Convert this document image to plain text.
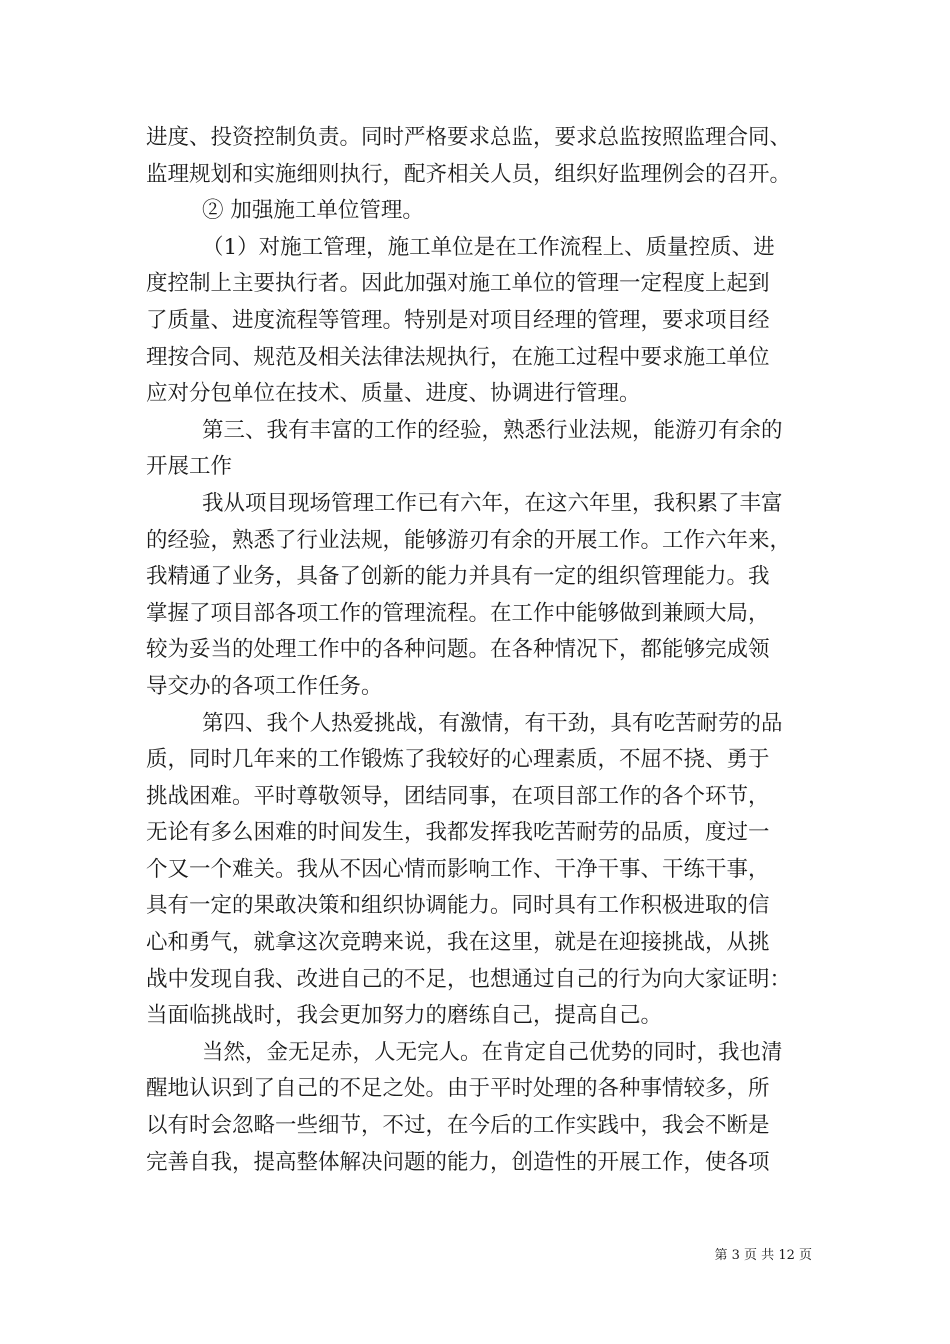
进度、投资控制负责。同时严格要求总监，要求总监按照监理合同、
监理规划和实施细则执行，配齐相关人员，组织好监理例会的召开。
② 加强施工单位管理。
（1）对施工管理，施工单位是在工作流程上、质量控质、进
度控制上主要执行者。因此加强对施工单位的管理一定程度上起到
了质量、进度流程等管理。特别是对项目经理的管理，要求项目经
理按合同、规范及相关法律法规执行，在施工过程中要求施工单位
应对分包单位在技术、质量、进度、协调进行管理。
第三、我有丰富的工作的经验，熟悉行业法规，能游刃有余的
开展工作
我从项目现场管理工作已有六年，在这六年里，我积累了丰富
的经验，熟悉了行业法规，能够游刃有余的开展工作。工作六年来，
我精通了业务，具备了创新的能力并具有一定的组织管理能力。我
掌握了项目部各项工作的管理流程。在工作中能够做到兼顾大局，
较为妥当的处理工作中的各种问题。在各种情况下，都能够完成领
导交办的各项工作任务。
第四、我个人热爱挑战，有激情，有干劲，具有吃苦耐劳的品
质，同时几年来的工作锻炼了我较好的心理素质，不屈不挠、勇于
挑战困难。平时尊敬领导，团结同事，在项目部工作的各个环节，
无论有多么困难的时间发生，我都发挥我吃苦耐劳的品质，度过一
个又一个难关。我从不因心情而影响工作、干净干事、干练干事，
具有一定的果敢决策和组织协调能力。同时具有工作积极进取的信
心和勇气，就拿这次竞聘来说，我在这里，就是在迎接挑战，从挑
战中发现自我、改进自己的不足，也想通过自己的行为向大家证明：
当面临挑战时，我会更加努力的磨练自己，提高自己。
当然，金无足赤，人无完人。在肯定自己优势的同时，我也清
醒地认识到了自己的不足之处。由于平时处理的各种事情较多，所
以有时会忽略一些细节，不过，在今后的工作实践中，我会不断是
完善自我，提高整体解决问题的能力，创造性的开展工作，使各项
第 3 页 共 12 页
